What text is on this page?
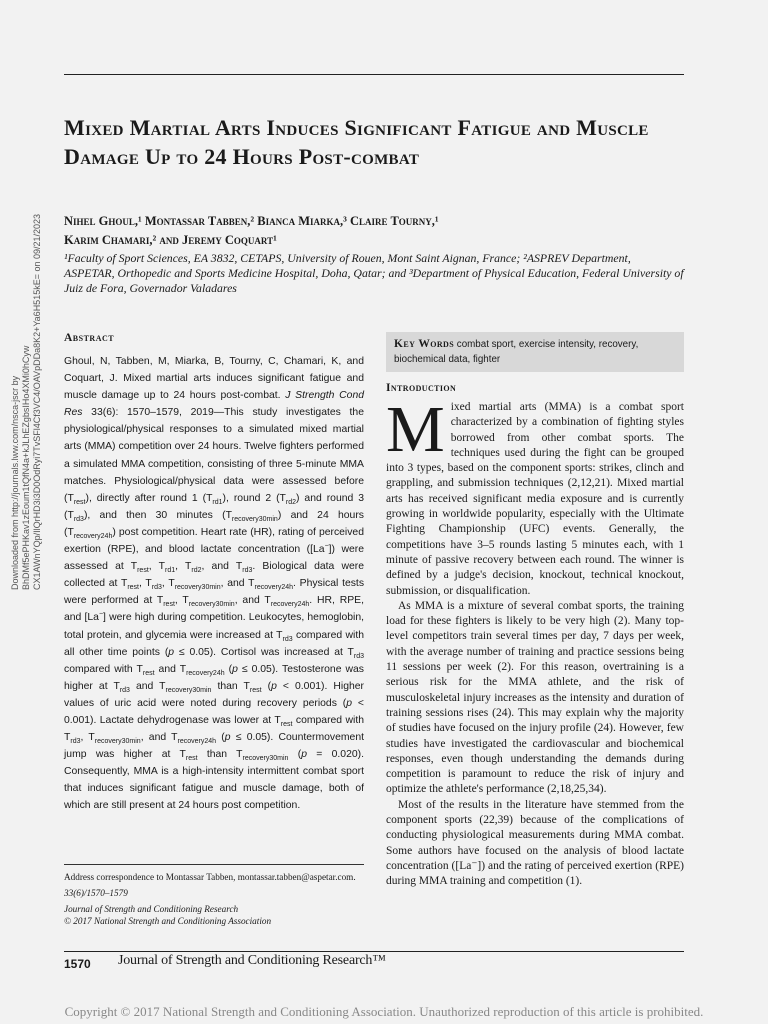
Downloaded from http://journals.lww.com/nsca-jscr by BhDMf5ePHKav1zEoum1tQfN4a+kJLhEZgbsIHo4XMi0hCyw CX1AWnYQp/IlQrHD3i3D0OdRyi7TvSFl4Cf3VC4/OAVpDDa8K2+Ya6H515kE= on 09/21/2023
Mixed Martial Arts Induces Significant Fatigue and Muscle Damage Up to 24 Hours Post-combat
Nihel Ghoul,¹ Montassar Tabben,² Bianca Miarka,³ Claire Tourny,¹
Karim Chamari,² and Jeremy Coquart¹
¹Faculty of Sport Sciences, EA 3832, CETAPS, University of Rouen, Mont Saint Aignan, France; ²ASPREV Department, ASPETAR, Orthopedic and Sports Medicine Hospital, Doha, Qatar; and ³Department of Physical Education, Federal University of Juiz de Fora, Governador Valadares
Abstract

Ghoul, N, Tabben, M, Miarka, B, Tourny, C, Chamari, K, and Coquart, J. Mixed martial arts induces significant fatigue and muscle damage up to 24 hours post-combat. J Strength Cond Res 33(6): 1570–1579, 2019—This study investigates the physiological/physical responses to a simulated mixed martial arts (MMA) competition over 24 hours. Twelve fighters performed a simulated MMA competition, consisting of three 5-minute MMA matches. Physiological/physical data were assessed before $(T_{rest})$, directly after round 1 $(T_{rd1})$, round 2 $(T_{rd2})$ and round 3 $(T_{rd3})$, and then 30 minutes $(T_{recovery30min})$ and 24 hours $(T_{recovery24h})$ post competition. Heart rate (HR), rating of perceived exertion (RPE), and blood lactate concentration ([La−]) were assessed at $T_{rest}$, $T_{rd1}$, $T_{rd2}$, and $T_{rd3}$. Biological data were collected at $T_{rest}$, $T_{rd3}$, $T_{recovery30min}$, and $T_{recovery24h}$. Physical tests were performed at $T_{rest}$, $T_{recovery30min}$, and $T_{recovery24h}$. HR, RPE, and [La−] were high during competition. Leukocytes, hemoglobin, total protein, and glycemia were increased at $T_{rd3}$ compared with all other time points (p ≤ 0.05). Cortisol was increased at $T_{rd3}$ compared with $T_{rest}$ and $T_{recovery24h}$ (p ≤ 0.05). Testosterone was higher at $T_{rd3}$ and $T_{recovery30min}$ than $T_{rest}$ (p < 0.001). Higher values of uric acid were noted during recovery periods (p < 0.001). Lactate dehydrogenase was lower at $T_{rest}$ compared with $T_{rd3}$, $T_{recovery30min}$, and $T_{recovery24h}$ (p ≤ 0.05). Countermovement jump was higher at $T_{rest}$ than $T_{recovery30min}$ (p = 0.020). Consequently, MMA is a high-intensity intermittent combat sport that induces significant fatigue and muscle damage, both of which are still present at 24 hours post competition.

Address correspondence to Montassar Tabben, montassar.tabben@aspetar.com.

33(6)/1570–1579

Journal of Strength and Conditioning Research

© 2017 National Strength and Conditioning Association

Key Words combat sport, exercise intensity, recovery, biochemical data, fighter
Introduction

Mixed martial arts (MMA) is a combat sport characterized by a combination of fighting styles borrowed from other combat sports. The techniques used during the fight can be grouped into 3 types, based on the component sports: strikes, clinch and grappling, and submission techniques (2,12,21). Mixed martial arts has received significant media exposure and is currently growing in worldwide popularity, especially with the Ultimate Fighting Championship (UFC) events. Generally, the competitions have 3–5 rounds lasting 5 minutes each, with 1 minute of passive recovery between each round. The winner is defined by a judge's decision, knockout, technical knockout, submission, or disqualification.

As MMA is a mixture of several combat sports, the training load for these fighters is likely to be very high (2). Many top-level competitors train several times per day, 7 days per week, with the average number of training and practice sessions being 11 sessions per week (2). For this reason, overtraining is a serious risk for the MMA athlete, and the risk of musculoskeletal injury increases as the intensity and duration of training sessions rises (24). This may explain why the majority of studies have focused on the injury profile (24). However, few studies have investigated the cardiovascular and biochemical responses, even though understanding the demands during competition is paramount to reduce the risk of injury and optimize the athlete's performance (2,18,25,34).

Most of the results in the literature have stemmed from the component sports (22,39) because of the complications of conducting physiological measurements during MMA combat. Some authors have focused on the analysis of blood lactate concentration ([La⁻]) and the rating of perceived exertion (RPE) during MMA training and competition (1).

1570 Journal of Strength and Conditioning Research™
Copyright © 2017 National Strength and Conditioning Association. Unauthorized reproduction of this article is prohibited.
